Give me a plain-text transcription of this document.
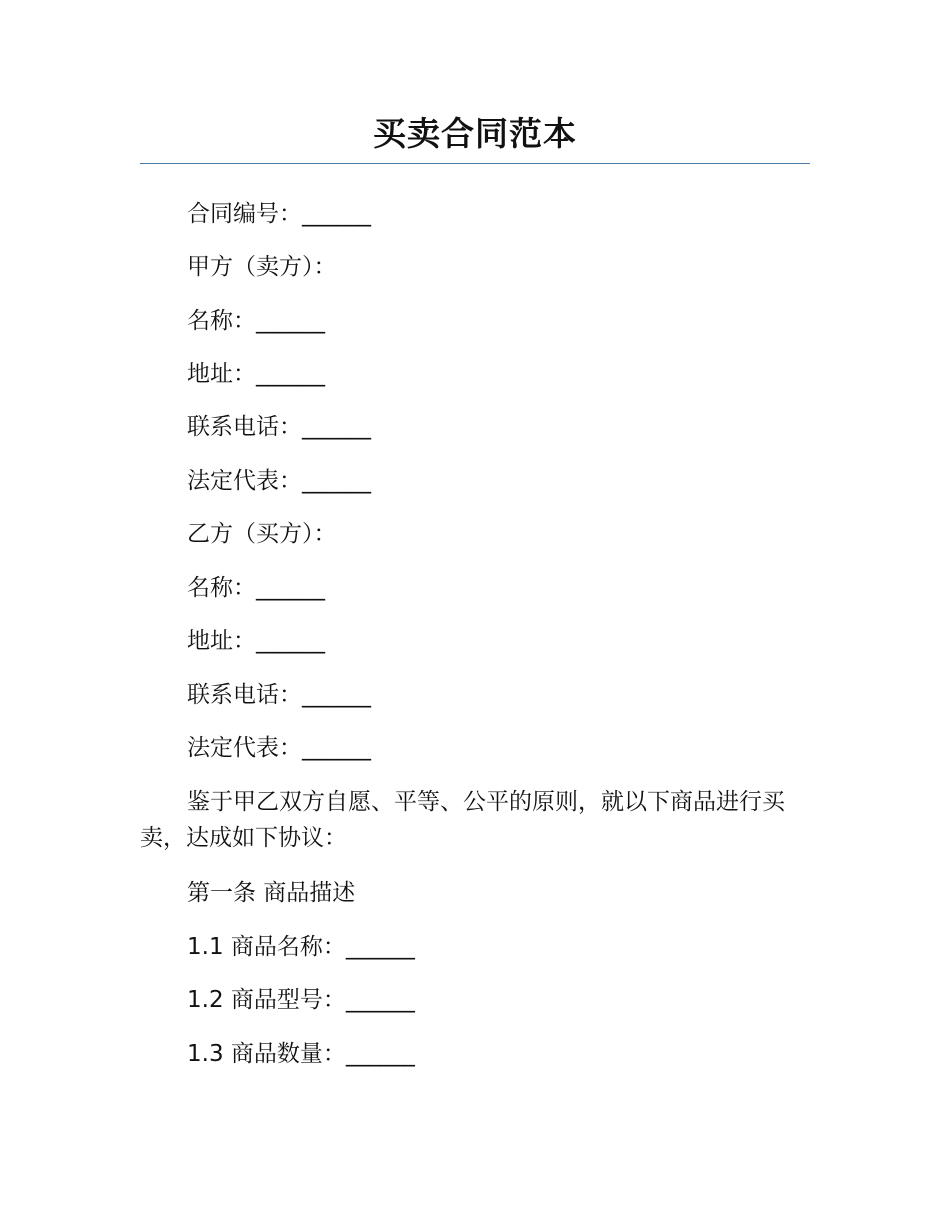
买卖合同范本
合同编号：______
甲方（卖方）：
名称：______
地址：______
联系电话：______
法定代表：______
乙方（买方）：
名称：______
地址：______
联系电话：______
法定代表：______
鉴于甲乙双方自愿、平等、公平的原则，就以下商品进行买卖，达成如下协议：
第一条 商品描述
1.1 商品名称：______
1.2 商品型号：______
1.3 商品数量：______
